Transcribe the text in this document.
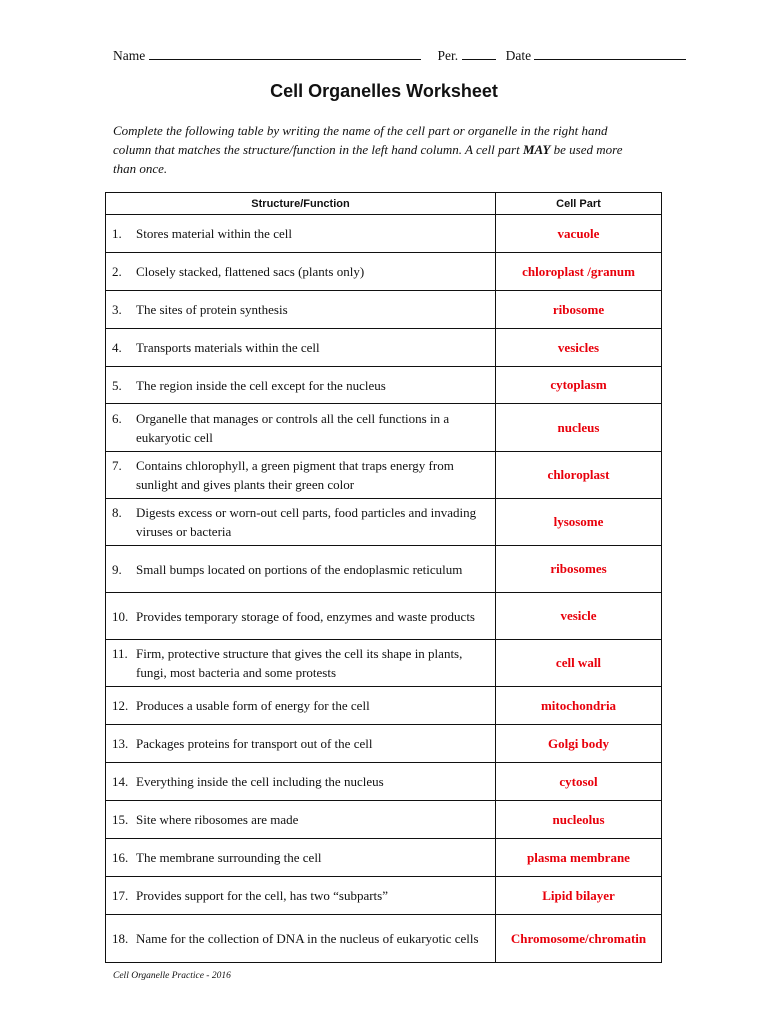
Name	Per.	Date
Cell Organelles Worksheet
Complete the following table by writing the name of the cell part or organelle in the right hand column that matches the structure/function in the left hand column. A cell part MAY be used more than once.
Structure/Function	Cell Part

1. Stores material within the cell	vacuole

2. Closely stacked, flattened sacs (plants only)	chloroplast /granum

3. The sites of protein synthesis	ribosome

4. Transports materials within the cell	vesicles

5. The region inside the cell except for the nucleus	cytoplasm

6. Organelle that manages or controls all the cell functions in a eukaryotic cell	nucleus

7. Contains chlorophyll, a green pigment that traps energy from sunlight and gives plants their green color	chloroplast

8. Digests excess or worn-out cell parts, food particles and invading viruses or bacteria	lysosome

9. Small bumps located on portions of the endoplasmic reticulum	ribosomes

10. Provides temporary storage of food, enzymes and waste products	vesicle

11. Firm, protective structure that gives the cell its shape in plants, fungi, most bacteria and some protests	cell wall

12. Produces a usable form of energy for the cell	mitochondria

13. Packages proteins for transport out of the cell	Golgi body

14. Everything inside the cell including the nucleus	cytosol

15. Site where ribosomes are made	nucleolus

16. The membrane surrounding the cell	plasma membrane

17. Provides support for the cell, has two “subparts”	Lipid bilayer

18. Name for the collection of DNA in the nucleus of eukaryotic cells	Chromosome/chromatin
Cell Organelle Practice - 2016
